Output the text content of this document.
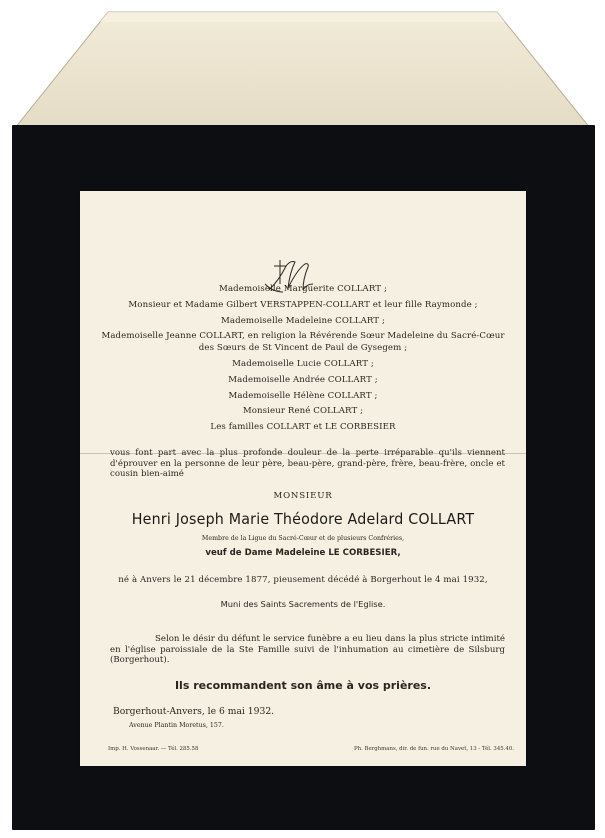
Mademoiselle Marguerite COLLART ;
Monsieur et Madame Gilbert VERSTAPPEN-COLLART et leur fille Raymonde ;
Mademoiselle Madeleine COLLART ;
Mademoiselle Jeanne COLLART, en religion la Révérende Sœur Madeleine du Sacré-Cœur
des Sœurs de St Vincent de Paul de Gysegem ;
Mademoiselle Lucie COLLART ;
Mademoiselle Andrée COLLART ;
Mademoiselle Hélène COLLART ;
Monsieur René COLLART ;
Les familles COLLART et LE CORBESIER
vous font part avec la plus profonde douleur de la perte irréparable qu'ils viennent d'éprouver en la personne de leur père, beau-père, grand-père, frère, beau-frère, oncle et cousin bien-aimé
MONSIEUR
Henri Joseph Marie Théodore Adelard COLLART
Membre de la Ligue du Sacré-Cœur et de plusieurs Confréries,
veuf de Dame Madeleine LE CORBESIER,
né à Anvers le 21 décembre 1877, pieusement décédé à Borgerhout le 4 mai 1932,
Muni des Saints Sacrements de l'Eglise.
Selon le désir du défunt le service funèbre a eu lieu dans la plus stricte intimité en l'église paroissiale de la Ste Famille suivi de l'inhumation au cimetière de Silsburg (Borgerhout).
Ils recommandent son âme à vos prières.
Borgerhout-Anvers, le 6 mai 1932.
Avenue Plantin Moretus, 157.
Imp. H. Vossenaar. — Tél. 285.58	Ph. Berghmans, dir. de fun. rue du Navet, 13 - Tél. 345.40.
